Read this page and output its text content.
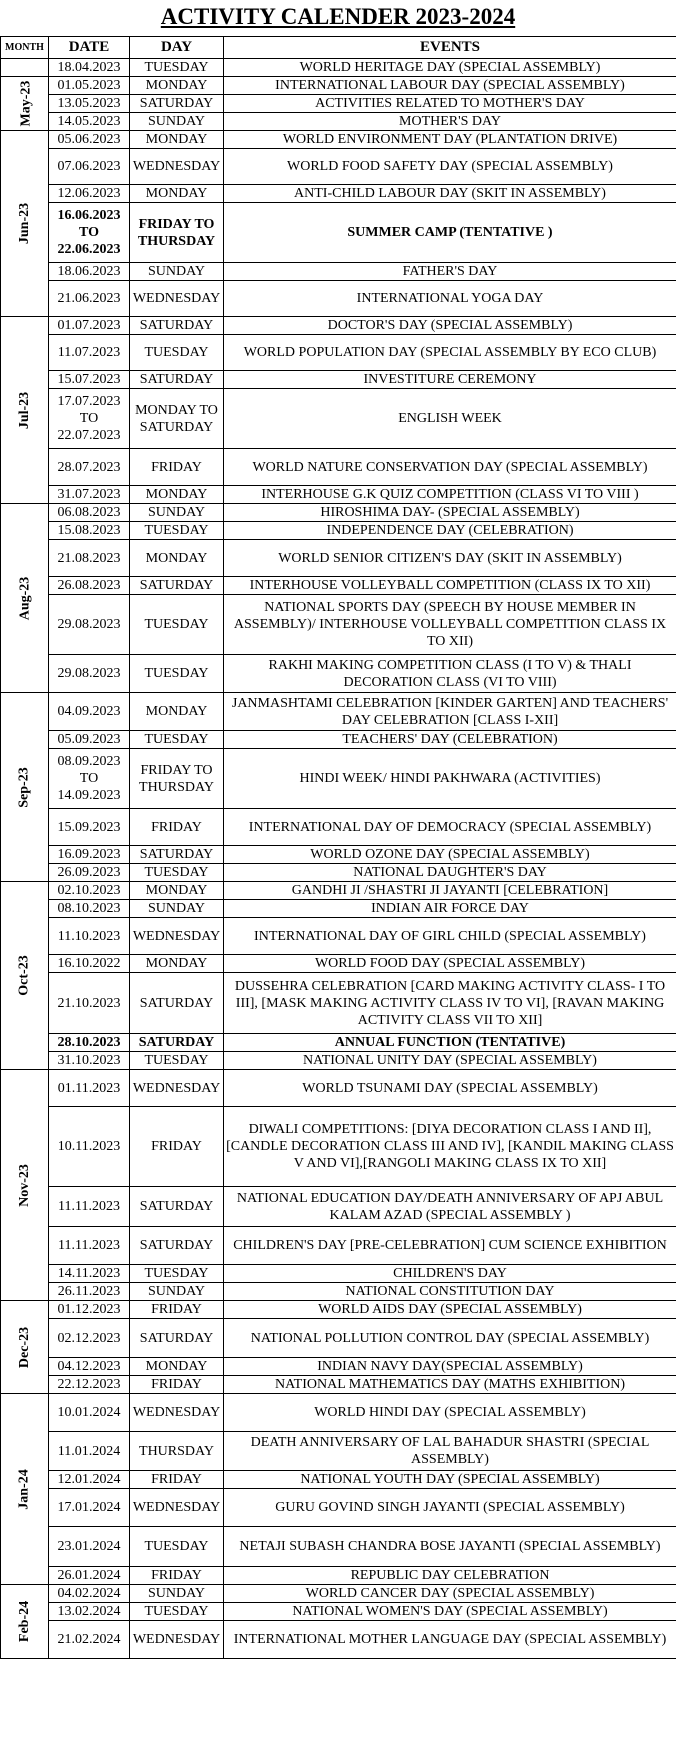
ACTIVITY CALENDER 2023-2024
MONTH	DATE	DAY	EVENTS
	18.04.2023	TUESDAY	WORLD HERITAGE DAY (SPECIAL ASSEMBLY)
May-23	01.05.2023	MONDAY	INTERNATIONAL LABOUR DAY (SPECIAL ASSEMBLY)
	13.05.2023	SATURDAY	ACTIVITIES RELATED TO MOTHER'S DAY
	14.05.2023	SUNDAY	MOTHER'S DAY
Jun-23	05.06.2023	MONDAY	WORLD ENVIRONMENT DAY (PLANTATION DRIVE)
	07.06.2023	WEDNESDAY	WORLD FOOD SAFETY DAY (SPECIAL ASSEMBLY)
	12.06.2023	MONDAY	ANTI-CHILD LABOUR DAY (SKIT IN ASSEMBLY)
	16.06.2023 TO 22.06.2023	FRIDAY TO THURSDAY	SUMMER CAMP (TENTATIVE )
	18.06.2023	SUNDAY	FATHER'S DAY
	21.06.2023	WEDNESDAY	INTERNATIONAL YOGA DAY
Jul-23	01.07.2023	SATURDAY	DOCTOR'S DAY (SPECIAL ASSEMBLY)
	11.07.2023	TUESDAY	WORLD POPULATION DAY (SPECIAL ASSEMBLY BY ECO CLUB)
	15.07.2023	SATURDAY	INVESTITURE CEREMONY
	17.07.2023 TO 22.07.2023	MONDAY TO SATURDAY	ENGLISH WEEK
	28.07.2023	FRIDAY	WORLD NATURE CONSERVATION DAY (SPECIAL ASSEMBLY)
	31.07.2023	MONDAY	INTERHOUSE G.K QUIZ COMPETITION (CLASS VI TO VIII )
Aug-23	06.08.2023	SUNDAY	HIROSHIMA DAY- (SPECIAL ASSEMBLY)
	15.08.2023	TUESDAY	INDEPENDENCE DAY (CELEBRATION)
	21.08.2023	MONDAY	WORLD SENIOR CITIZEN'S DAY (SKIT IN ASSEMBLY)
	26.08.2023	SATURDAY	INTERHOUSE VOLLEYBALL COMPETITION (CLASS IX TO XII)
	29.08.2023	TUESDAY	NATIONAL SPORTS DAY (SPEECH BY HOUSE MEMBER IN ASSEMBLY)/ INTERHOUSE VOLLEYBALL COMPETITION CLASS IX TO XII)
	29.08.2023	TUESDAY	RAKHI MAKING COMPETITION CLASS (I TO V) & THALI DECORATION CLASS (VI TO VIII)
Sep-23	04.09.2023	MONDAY	JANMASHTAMI CELEBRATION [KINDER GARTEN] AND TEACHERS' DAY CELEBRATION [CLASS I-XII]
	05.09.2023	TUESDAY	TEACHERS' DAY (CELEBRATION)
	08.09.2023 TO 14.09.2023	FRIDAY TO THURSDAY	HINDI WEEK/ HINDI PAKHWARA (ACTIVITIES)
	15.09.2023	FRIDAY	INTERNATIONAL DAY OF DEMOCRACY (SPECIAL ASSEMBLY)
	16.09.2023	SATURDAY	WORLD OZONE DAY (SPECIAL ASSEMBLY)
	26.09.2023	TUESDAY	NATIONAL DAUGHTER'S DAY
Oct-23	02.10.2023	MONDAY	GANDHI JI /SHASTRI JI JAYANTI [CELEBRATION]
	08.10.2023	SUNDAY	INDIAN AIR FORCE DAY
	11.10.2023	WEDNESDAY	INTERNATIONAL DAY OF GIRL CHILD (SPECIAL ASSEMBLY)
	16.10.2022	MONDAY	WORLD FOOD DAY (SPECIAL ASSEMBLY)
	21.10.2023	SATURDAY	DUSSEHRA CELEBRATION [CARD MAKING ACTIVITY CLASS- I TO III], [MASK MAKING ACTIVITY CLASS IV TO VI], [RAVAN MAKING ACTIVITY CLASS VII TO XII]
	28.10.2023	SATURDAY	ANNUAL FUNCTION (TENTATIVE)
	31.10.2023	TUESDAY	NATIONAL UNITY DAY (SPECIAL ASSEMBLY)
Nov-23	01.11.2023	WEDNESDAY	WORLD TSUNAMI DAY (SPECIAL ASSEMBLY)
	10.11.2023	FRIDAY	DIWALI COMPETITIONS: [DIYA DECORATION CLASS I AND II], [CANDLE DECORATION CLASS III AND IV], [KANDIL MAKING CLASS V AND VI],[RANGOLI MAKING CLASS IX TO XII]
	11.11.2023	SATURDAY	NATIONAL EDUCATION DAY/DEATH ANNIVERSARY OF APJ ABUL KALAM AZAD (SPECIAL ASSEMBLY )
	11.11.2023	SATURDAY	CHILDREN'S DAY [PRE-CELEBRATION] CUM SCIENCE EXHIBITION
	14.11.2023	TUESDAY	CHILDREN'S DAY
	26.11.2023	SUNDAY	NATIONAL CONSTITUTION DAY
Dec-23	01.12.2023	FRIDAY	WORLD AIDS DAY (SPECIAL ASSEMBLY)
	02.12.2023	SATURDAY	NATIONAL POLLUTION CONTROL DAY (SPECIAL ASSEMBLY)
	04.12.2023	MONDAY	INDIAN NAVY DAY(SPECIAL ASSEMBLY)
	22.12.2023	FRIDAY	NATIONAL MATHEMATICS DAY (MATHS EXHIBITION)
Jan-24	10.01.2024	WEDNESDAY	WORLD HINDI DAY (SPECIAL ASSEMBLY)
	11.01.2024	THURSDAY	DEATH ANNIVERSARY OF LAL BAHADUR SHASTRI (SPECIAL ASSEMBLY)
	12.01.2024	FRIDAY	NATIONAL YOUTH DAY (SPECIAL ASSEMBLY)
	17.01.2024	WEDNESDAY	GURU GOVIND SINGH JAYANTI (SPECIAL ASSEMBLY)
	23.01.2024	TUESDAY	NETAJI SUBASH CHANDRA BOSE JAYANTI (SPECIAL ASSEMBLY)
	26.01.2024	FRIDAY	REPUBLIC DAY CELEBRATION
Feb-24	04.02.2024	SUNDAY	WORLD CANCER DAY (SPECIAL ASSEMBLY)
	13.02.2024	TUESDAY	NATIONAL WOMEN'S DAY (SPECIAL ASSEMBLY)
	21.02.2024	WEDNESDAY	INTERNATIONAL MOTHER LANGUAGE DAY (SPECIAL ASSEMBLY)
